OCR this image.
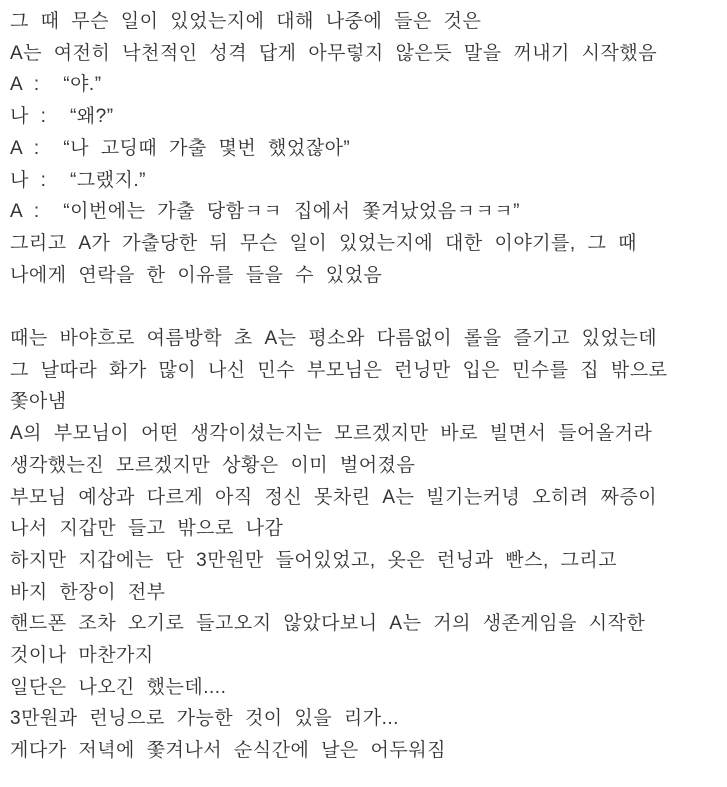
그 때 무슨 일이 있었는지에 대해 나중에 들은 것은
A는 여전히 낙천적인 성격 답게 아무렇지 않은듯 말을 꺼내기 시작했음
A :  “야.”
나 :  “왜?”
A :  “나 고딩때 가출 몇번 했었잖아”
나 :  “그랬지.”
A :  “이번에는 가출 당함ㅋㅋ 집에서 쫓겨났었음ㅋㅋㅋ”
그리고 A가 가출당한 뒤 무슨 일이 있었는지에 대한 이야기를, 그 때
나에게 연락을 한 이유를 들을 수 있었음

때는 바야흐로 여름방학 초 A는 평소와 다름없이 롤을 즐기고 있었는데
그 날따라 화가 많이 나신 민수 부모님은 런닝만 입은 민수를 집 밖으로
쫓아냄
A의 부모님이 어떤 생각이셨는지는 모르겠지만 바로 빌면서 들어올거라
생각했는진 모르겠지만 상황은 이미 벌어졌음
부모님 예상과 다르게 아직 정신 못차린 A는 빌기는커녕 오히려 짜증이
나서 지갑만 들고 밖으로 나감
하지만 지갑에는 단 3만원만 들어있었고, 옷은 런닝과 빤스, 그리고
바지 한장이 전부
핸드폰 조차 오기로 들고오지 않았다보니 A는 거의 생존게임을 시작한
것이나 마찬가지
일단은 나오긴 했는데....
3만원과 런닝으로 가능한 것이 있을 리가...
게다가 저녁에 쫓겨나서 순식간에 날은 어두워짐
